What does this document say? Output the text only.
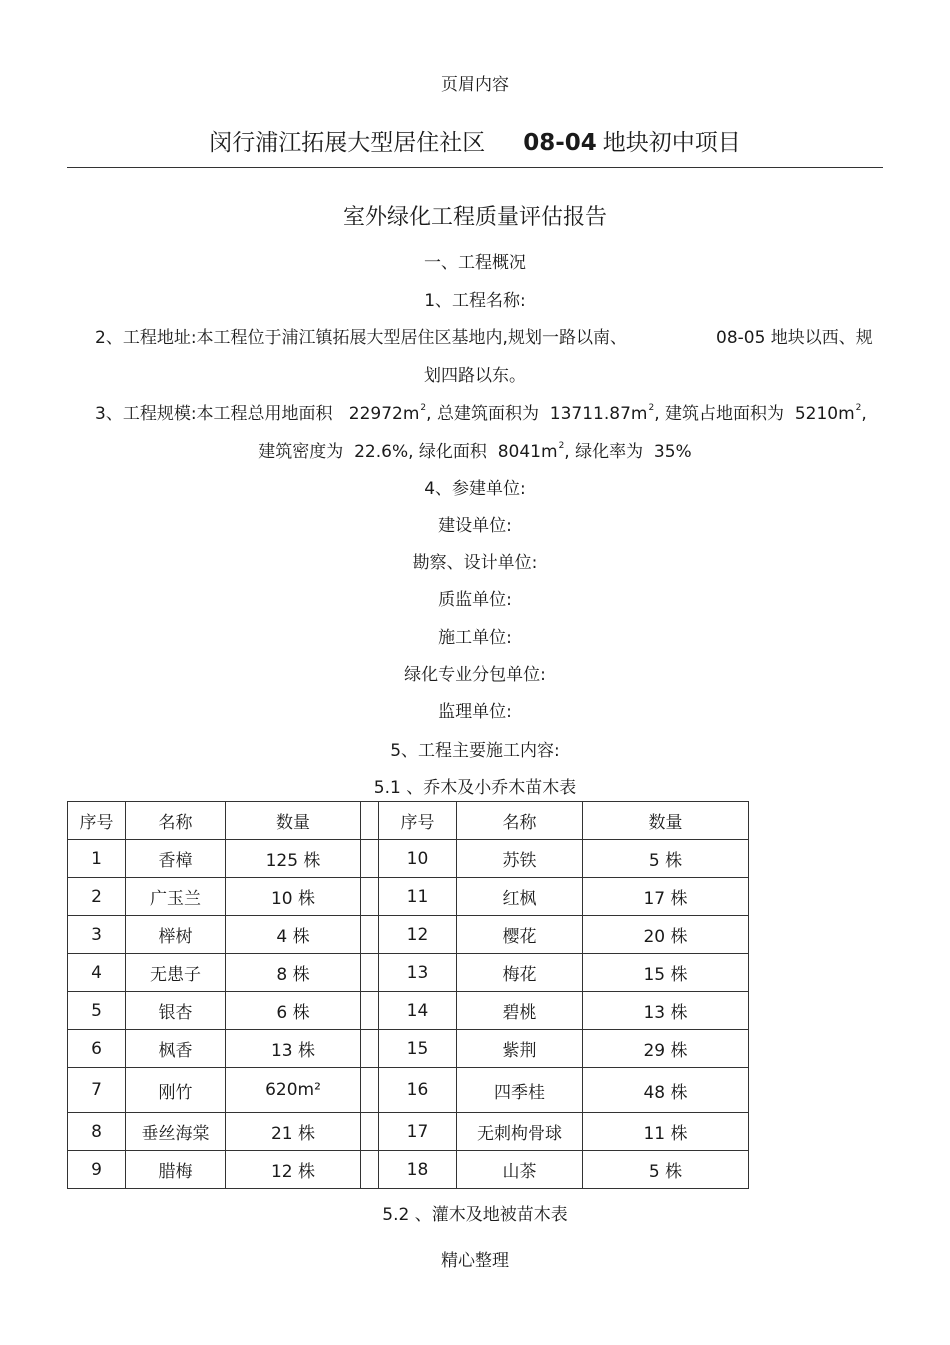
页眉内容
闵行浦江拓展大型居住社区 08-04 地块初中项目
室外绿化工程质量评估报告
一、工程概况
1、工程名称:
2、工程地址:本工程位于浦江镇拓展大型居住区基地内,规划一路以南、	08-05 地块以西、规
划四路以东。
3、工程规模:本工程总用地面积 $22972m^2$, 总建筑面积为 $13711.87m^2$, 建筑占地面积为 $5210m^2$,
建筑密度为 22.6%, 绿化面积 $8041m^2$, 绿化率为 35%
4、参建单位:
建设单位:
勘察、设计单位:
质监单位:
施工单位:
绿化专业分包单位:
监理单位:
5、工程主要施工内容:
5.1 、乔木及小乔木苗木表
序号	名称	数量		序号	名称	数量
1	香樟	125 株		10	苏铁	5 株
2	广玉兰	10 株		11	红枫	17 株
3	榉树	4 株		12	樱花	20 株
4	无患子	8 株		13	梅花	15 株
5	银杏	6 株		14	碧桃	13 株
6	枫香	13 株		15	紫荆	29 株
7	刚竹	620m²		16	四季桂	48 株
8	垂丝海棠	21 株		17	无刺枸骨球	11 株
9	腊梅	12 株		18	山茶	5 株
5.2 、灌木及地被苗木表
精心整理
